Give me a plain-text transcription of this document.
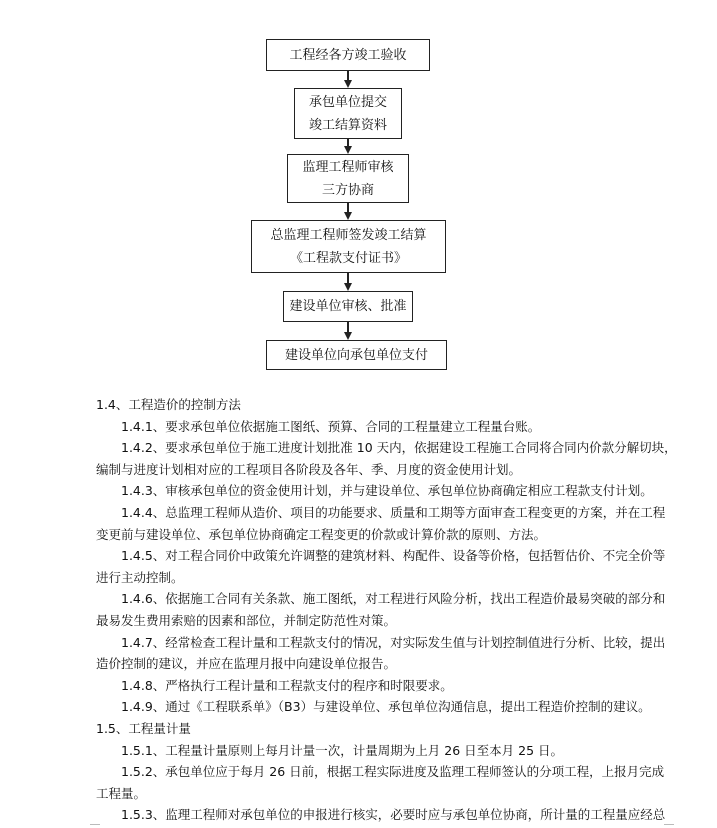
工程经各方竣工验收
承包单位提交
竣工结算资料
监理工程师审核
三方协商
总监理工程师签发竣工结算
《工程款支付证书》
建设单位审核、批准
建设单位向承包单位支付
1.4、工程造价的控制方法
1.4.1、要求承包单位依据施工图纸、预算、合同的工程量建立工程量台账。
1.4.2、要求承包单位于施工进度计划批准 10 天内，依据建设工程施工合同将合同内价款分解切块，
编制与进度计划相对应的工程项目各阶段及各年、季、月度的资金使用计划。
1.4.3、审核承包单位的资金使用计划，并与建设单位、承包单位协商确定相应工程款支付计划。
1.4.4、总监理工程师从造价、项目的功能要求、质量和工期等方面审查工程变更的方案，并在工程
变更前与建设单位、承包单位协商确定工程变更的价款或计算价款的原则、方法。
1.4.5、对工程合同价中政策允许调整的建筑材料、构配件、设备等价格，包括暂估价、不完全价等
进行主动控制。
1.4.6、依据施工合同有关条款、施工图纸，对工程进行风险分析，找出工程造价最易突破的部分和
最易发生费用索赔的因素和部位，并制定防范性对策。
1.4.7、经常检查工程计量和工程款支付的情况，对实际发生值与计划控制值进行分析、比较，提出
造价控制的建议，并应在监理月报中向建设单位报告。
1.4.8、严格执行工程计量和工程款支付的程序和时限要求。
1.4.9、通过《工程联系单》（B3）与建设单位、承包单位沟通信息，提出工程造价控制的建议。
1.5、工程量计量
1.5.1、工程量计量原则上每月计量一次，计量周期为上月 26 日至本月 25 日。
1.5.2、承包单位应于每月 26 日前，根据工程实际进度及监理工程师签认的分项工程，上报月完成
工程量。
1.5.3、监理工程师对承包单位的申报进行核实，必要时应与承包单位协商，所计量的工程量应经总
